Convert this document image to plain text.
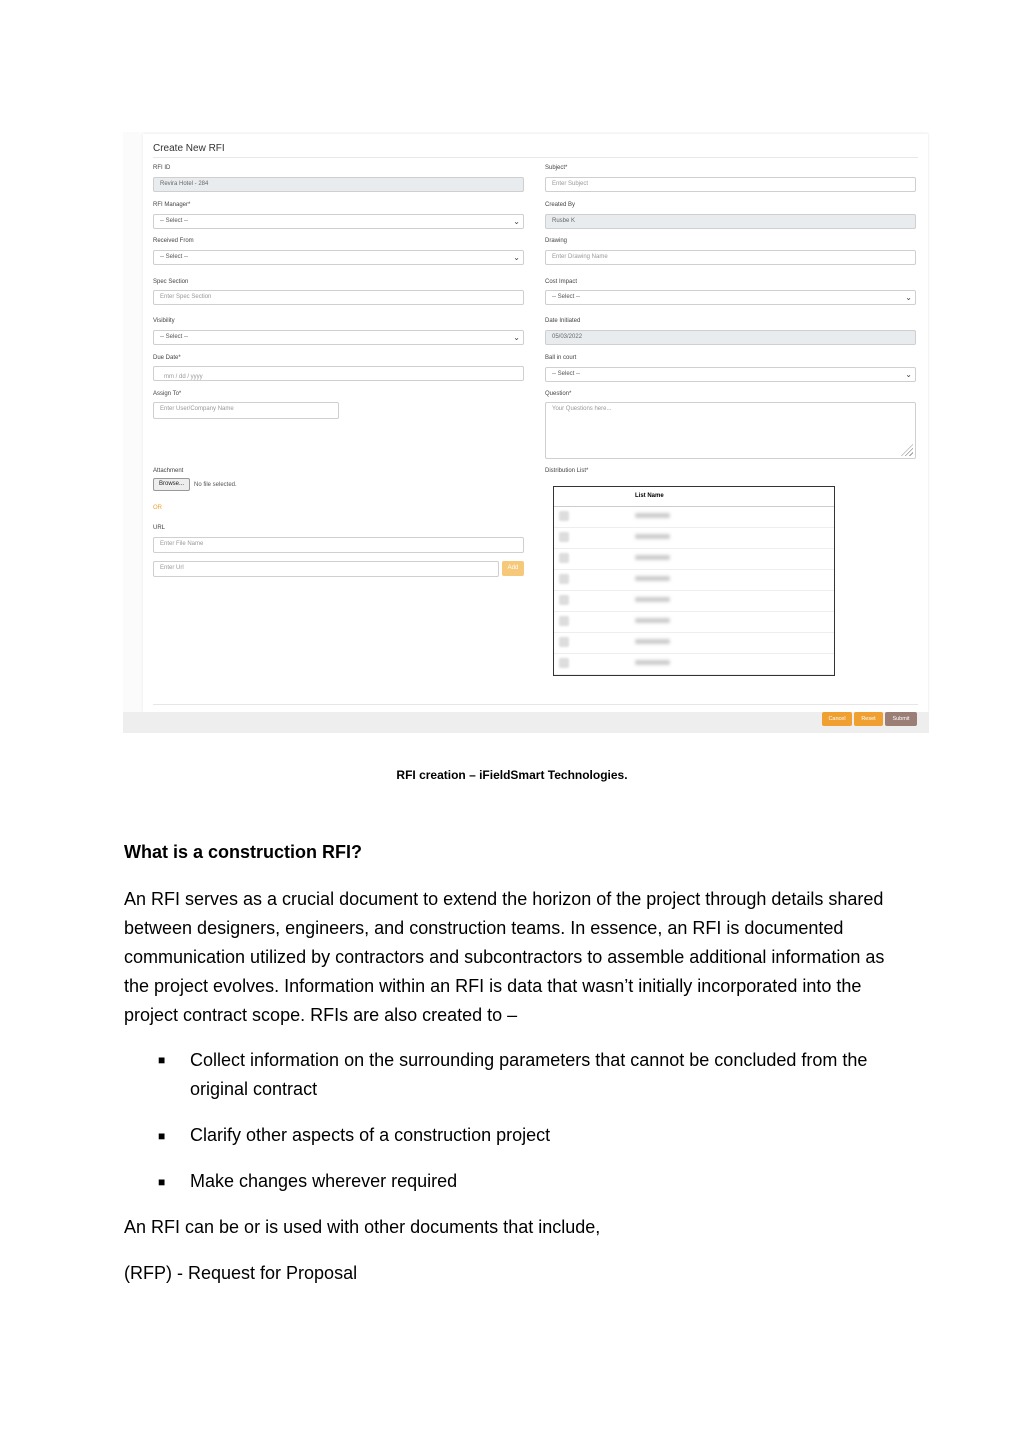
Create New RFI
RFI ID
Revira Hotel - 284
RFI Manager*
-- Select --	⌄
Received From
-- Select --	⌄
Spec Section
Enter Spec Section
Visibility
-- Select --	⌄
Due Date*
mm / dd / yyyy
Assign To*
Enter User/Company Name
Attachment
Browse...	No file selected.
OR
URL
Enter File Name
Enter Url	Add
Subject*
Enter Subject
Created By
Rusbe K
Drawing
Enter Drawing Name
Cost Impact
-- Select --	⌄
Date Initiated
05/03/2022
Ball in court
-- Select --	⌄
Question*
Your Questions here...
Distribution List*
List Name
Cancel	Reset	Submit
RFI creation – iFieldSmart Technologies.
What is a construction RFI?
An RFI serves as a crucial document to extend the horizon of the project through details shared between designers, engineers, and construction teams. In essence, an RFI is documented communication utilized by contractors and subcontractors to assemble additional information as the project evolves. Information within an RFI is data that wasn’t initially incorporated into the project contract scope. RFIs are also created to –
■ Collect information on the surrounding parameters that cannot be concluded from the original contract
■ Clarify other aspects of a construction project
■ Make changes wherever required
An RFI can be or is used with other documents that include,
(RFP) - Request for Proposal
